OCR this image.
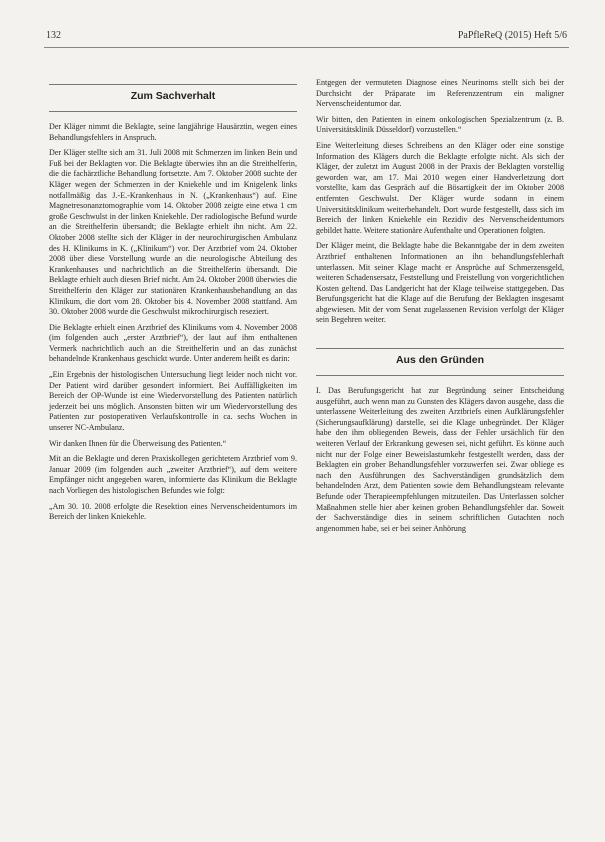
132	PaPfleReQ (2015) Heft 5/6
Zum Sachverhalt

Der Kläger nimmt die Beklagte, seine langjährige Hausärztin, wegen eines Behandlungsfehlers in Anspruch.

Der Kläger stellte sich am 31. Juli 2008 mit Schmerzen im linken Bein und Fuß bei der Beklagten vor. Die Beklagte überwies ihn an die Streithelferin, die die fachärztliche Behandlung fortsetzte. Am 7. Oktober 2008 suchte der Kläger wegen der Schmerzen in der Kniekehle und im Knigelenk links notfallmäßig das J.-E.-Krankenhaus in N. („Krankenhaus“) auf. Eine Magnetresonanztomographie vom 14. Oktober 2008 zeigte eine etwa 1 cm große Geschwulst in der linken Kniekehle. Der radiologische Befund wurde an die Streithelferin übersandt; die Beklagte erhielt ihn nicht. Am 22. Oktober 2008 stellte sich der Kläger in der neurochirurgischen Ambulanz des H. Klinikums in K. („Klinikum“) vor. Der Arztbrief vom 24. Oktober 2008 über diese Vorstellung wurde an die neurologische Abteilung des Krankenhauses und nachrichtlich an die Streithelferin übersandt. Die Beklagte erhielt auch diesen Brief nicht. Am 24. Oktober 2008 überwies die Streithelferin den Kläger zur stationären Krankenhausbehandlung an das Klinikum, die dort vom 28. Oktober bis 4. November 2008 stattfand. Am 30. Oktober 2008 wurde die Geschwulst mikrochirurgisch reseziert.

Die Beklagte erhielt einen Arztbrief des Klinikums vom 4. November 2008 (im folgenden auch „erster Arztbrief“), der laut auf ihm enthaltenen Vermerk nachrichtlich auch an die Streithelferin und an das zunächst behandelnde Krankenhaus geschickt wurde. Unter anderem heißt es darin:

„Ein Ergebnis der histologischen Untersuchung liegt leider noch nicht vor. Der Patient wird darüber gesondert informiert. Bei Auffälligkeiten im Bereich der OP-Wunde ist eine Wiedervorstellung des Patienten natürlich jederzeit bei uns möglich. Ansonsten bitten wir um Wiedervorstellung des Patienten zur postoperativen Verlaufskontrolle in ca. sechs Wochen in unserer NC-Ambulanz.

Wir danken Ihnen für die Überweisung des Patienten.“

Mit an die Beklagte und deren Praxiskollegen gerichtetem Arztbrief vom 9. Januar 2009 (im folgenden auch „zweiter Arztbrief“), auf dem weitere Empfänger nicht angegeben waren, informierte das Klinikum die Beklagte nach Vorliegen des histologischen Befundes wie folgt:

„Am 30. 10. 2008 erfolgte die Resektion eines Nervenscheidentumors im Bereich der linken Kniekehle.

Entgegen der vermuteten Diagnose eines Neurinoms stellt sich bei der Durchsicht der Präparate im Referenzzentrum ein maligner Nervenscheidentumor dar.

Wir bitten, den Patienten in einem onkologischen Spezialzentrum (z. B. Universitätsklinik Düsseldorf) vorzustellen.“

Eine Weiterleitung dieses Schreibens an den Kläger oder eine sonstige Information des Klägers durch die Beklagte erfolgte nicht. Als sich der Kläger, der zuletzt im August 2008 in der Praxis der Beklagten vorstellig geworden war, am 17. Mai 2010 wegen einer Handverletzung dort vorstellte, kam das Gespräch auf die Bösartigkeit der im Oktober 2008 entfernten Geschwulst. Der Kläger wurde sodann in einem Universitätsklinikum weiterbehandelt. Dort wurde festgestellt, dass sich im Bereich der linken Kniekehle ein Rezidiv des Nervenscheidentumors gebildet hatte. Weitere stationäre Aufenthalte und Operationen folgten.

Der Kläger meint, die Beklagte habe die Bekanntgabe der in dem zweiten Arztbrief enthaltenen Informationen an ihn behandlungsfehlerhaft unterlassen. Mit seiner Klage macht er Ansprüche auf Schmerzensgeld, weiteren Schadensersatz, Feststellung und Freistellung von vorgerichtlichen Kosten geltend. Das Landgericht hat der Klage teilweise stattgegeben. Das Berufungsgericht hat die Klage auf die Berufung der Beklagten insgesamt abgewiesen. Mit der vom Senat zugelassenen Revision verfolgt der Kläger sein Begehren weiter.

Aus den Gründen

I. Das Berufungsgericht hat zur Begründung seiner Entscheidung ausgeführt, auch wenn man zu Gunsten des Klägers davon ausgehe, dass die unterlassene Weiterleitung des zweiten Arztbriefs einen Aufklärungsfehler (Sicherungsaufklärung) darstelle, sei die Klage unbegründet. Der Kläger habe den ihm obliegenden Beweis, dass der Fehler ursächlich für den weiteren Verlauf der Erkrankung gewesen sei, nicht geführt. Es könne auch nicht nur der Folge einer Beweislastumkehr festgestellt werden, dass der Beklagten ein grober Behandlungsfehler vorzuwerfen sei. Zwar obliege es nach den Ausführungen des Sachverständigen grundsätzlich dem behandelnden Arzt, dem Patienten sowie dem Behandlungsteam relevante Befunde oder Therapieempfehlungen mitzuteilen. Das Unterlassen solcher Maßnahmen stelle hier aber keinen groben Behandlungsfehler dar. Soweit der Sachverständige dies in seinem schriftlichen Gutachten noch angenommen habe, sei er bei seiner Anhörung
